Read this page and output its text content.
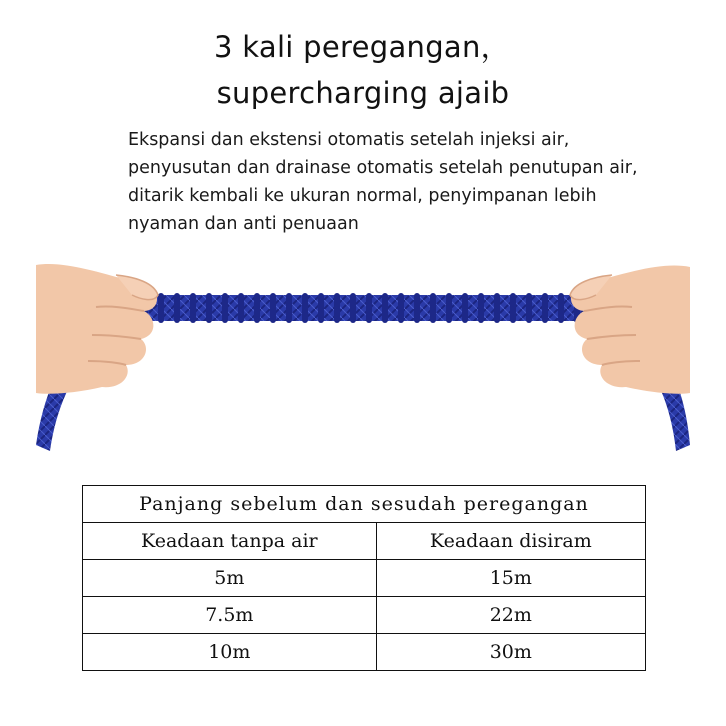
3 kali peregangan，
supercharging ajaib
Ekspansi dan ekstensi otomatis setelah injeksi air, penyusutan dan drainase otomatis setelah penutupan air, ditarik kembali ke ukuran normal, penyimpanan lebih nyaman dan anti penuaan
Panjang sebelum dan sesudah peregangan	
Keadaan tanpa air	Keadaan disiram
5m	15m
7.5m	22m
10m	30m
